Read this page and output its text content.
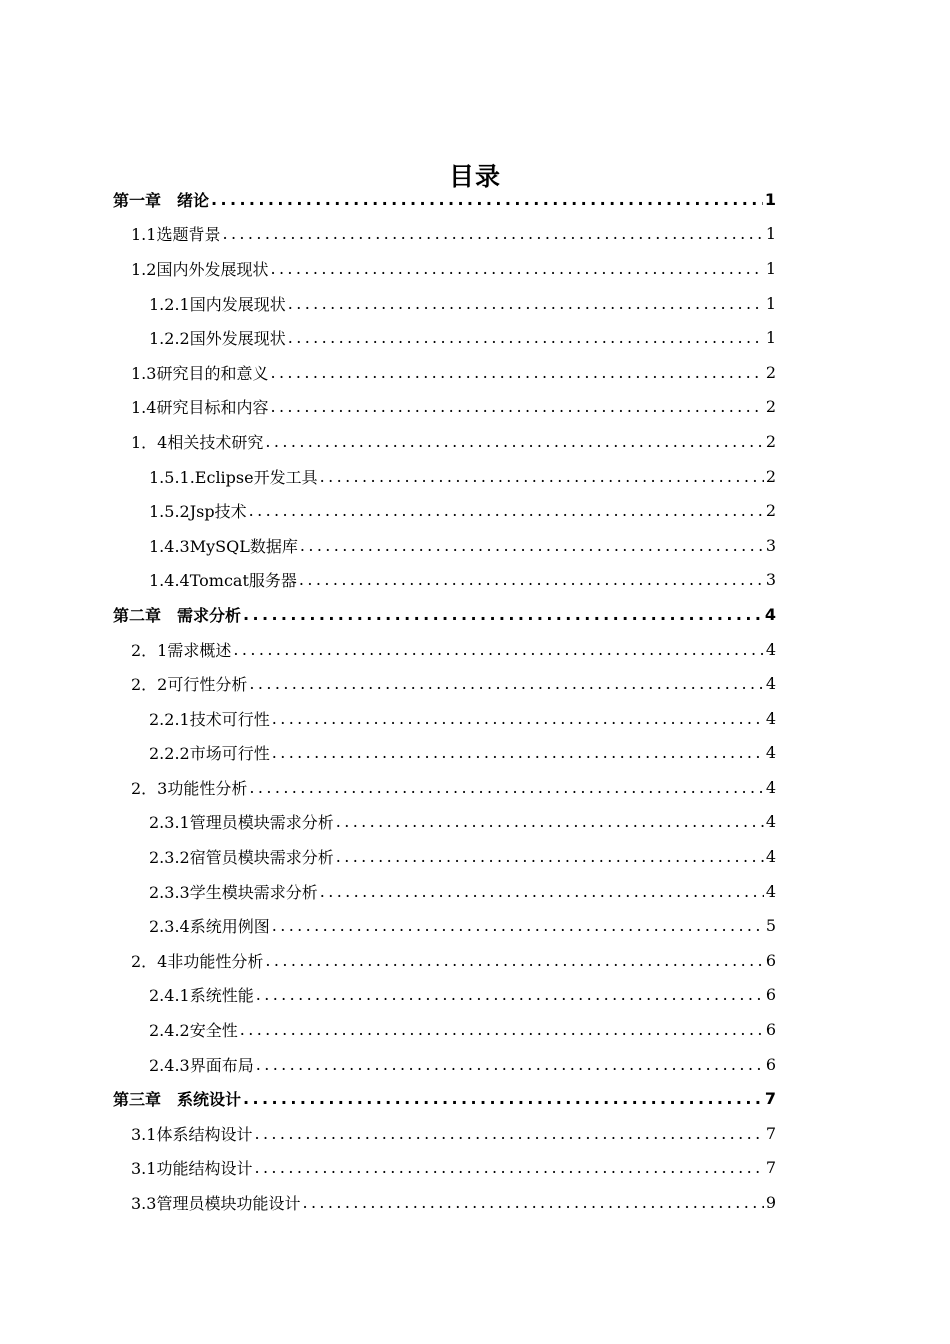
目录
第一章　绪论 .....	1
1.1选题背景 .....	1
1.2国内外发展现状 .....	1
1.2.1国内发展现状 .....	1
1.2.2国外发展现状 .....	1
1.3研究目的和意义 .....	2
1.4研究目标和内容 .....	2
1．4相关技术研究 .....	2
1.5.1.Eclipse开发工具 .....	2
1.5.2Jsp技术 .....	2
1.4.3MySQL数据库 .....	3
1.4.4Tomcat服务器 .....	3
第二章　需求分析 .....	4
2．1需求概述 .....	4
2．2可行性分析 .....	4
2.2.1技术可行性 .....	4
2.2.2市场可行性 .....	4
2．3功能性分析 .....	4
2.3.1管理员模块需求分析 .....	4
2.3.2宿管员模块需求分析 .....	4
2.3.3学生模块需求分析 .....	4
2.3.4系统用例图 .....	5
2．4非功能性分析 .....	6
2.4.1系统性能 .....	6
2.4.2安全性 .....	6
2.4.3界面布局 .....	6
第三章　系统设计 .....	7
3.1体系结构设计 .....	7
3.1功能结构设计 .....	7
3.3管理员模块功能设计 .....	9
